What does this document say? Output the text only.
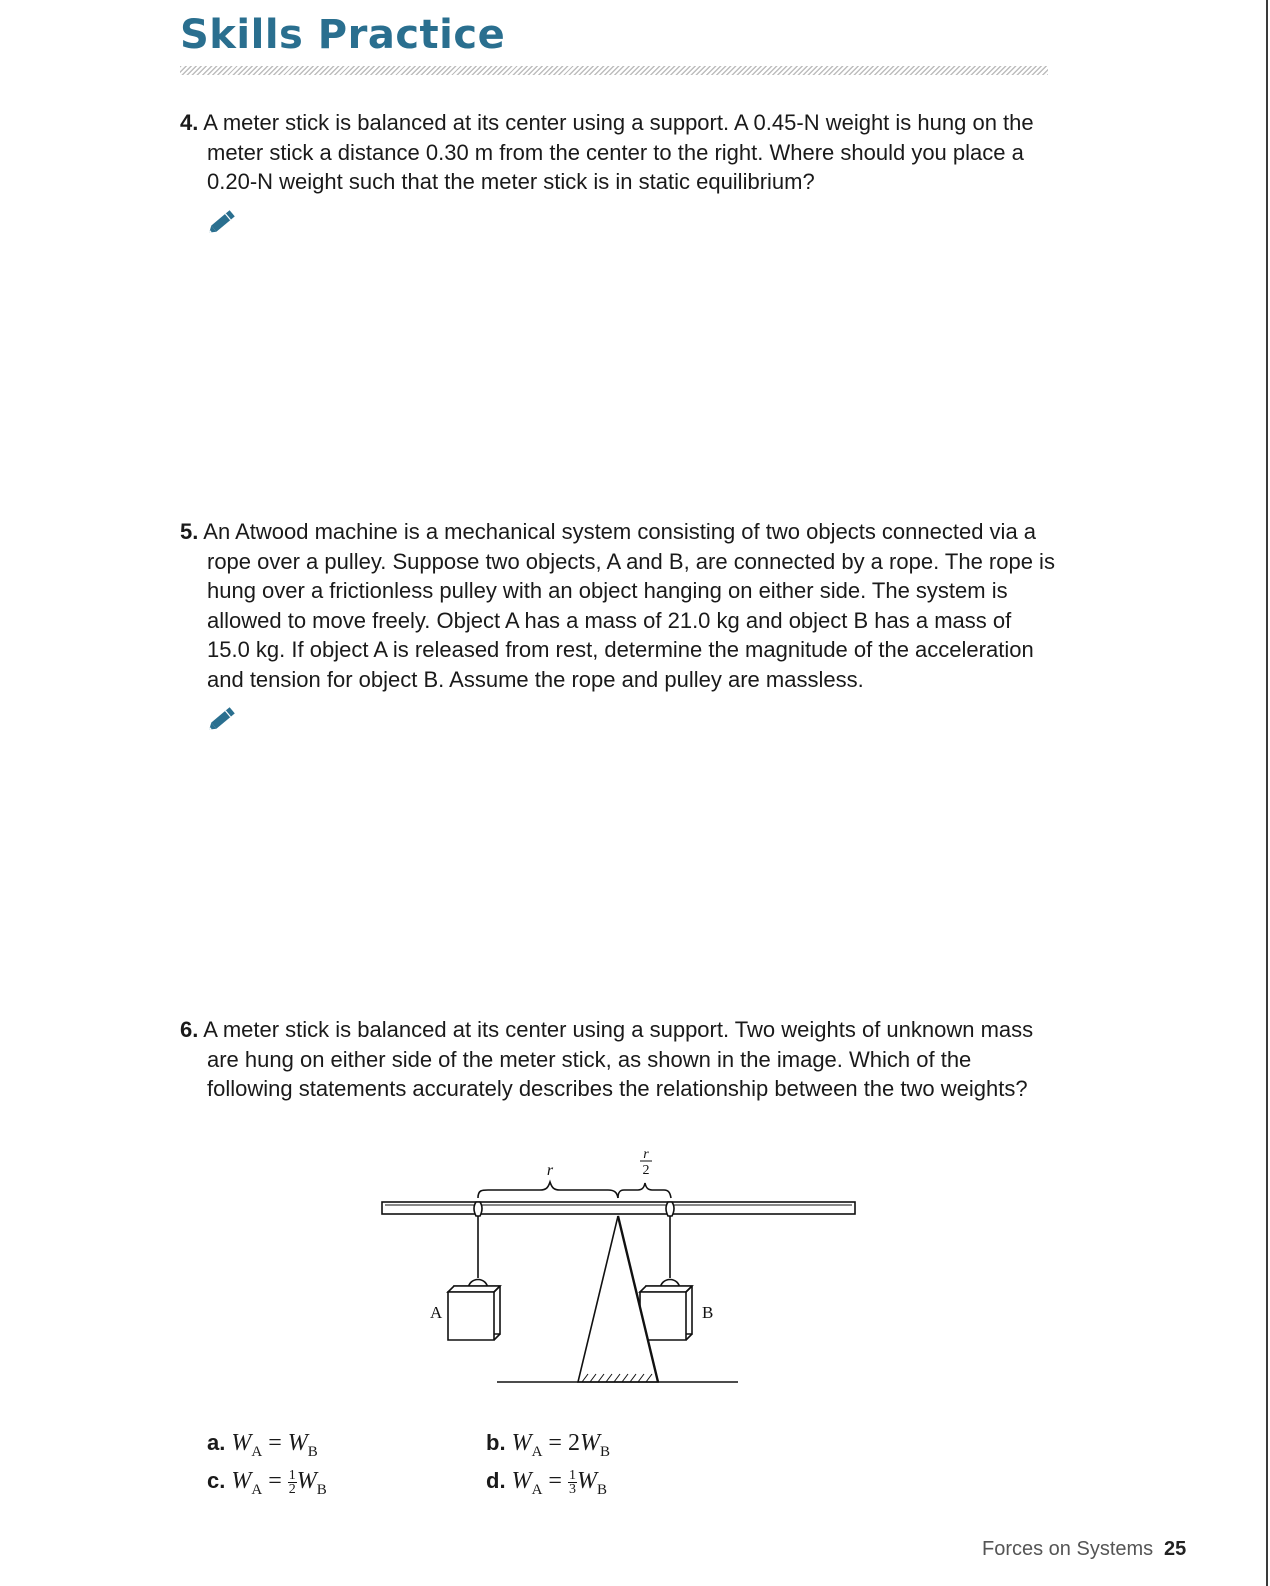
Skills Practice

4. A meter stick is balanced at its center using a support. A 0.45-N weight is hung on the meter stick a distance 0.30 m from the center to the right. Where should you place a 0.20-N weight such that the meter stick is in static equilibrium?

5. An Atwood machine is a mechanical system consisting of two objects connected via a rope over a pulley. Suppose two objects, A and B, are connected by a rope. The rope is hung over a frictionless pulley with an object hanging on either side. The system is allowed to move freely. Object A has a mass of 21.0 kg and object B has a mass of 15.0 kg. If object A is released from rest, determine the magnitude of the acceleration and tension for object B. Assume the rope and pulley are massless.

6. A meter stick is balanced at its center using a support. Two weights of unknown mass are hung on either side of the meter stick, as shown in the image. Which of the following statements accurately describes the relationship between the two weights?

r
r
2
A	B
a. $W_A = W_B$	b. $W_A = 2W_B$
c. $W_A = \frac{1}{2} W_B$	d. $W_A = \frac{1}{3} W_B$
Forces on Systems 25
